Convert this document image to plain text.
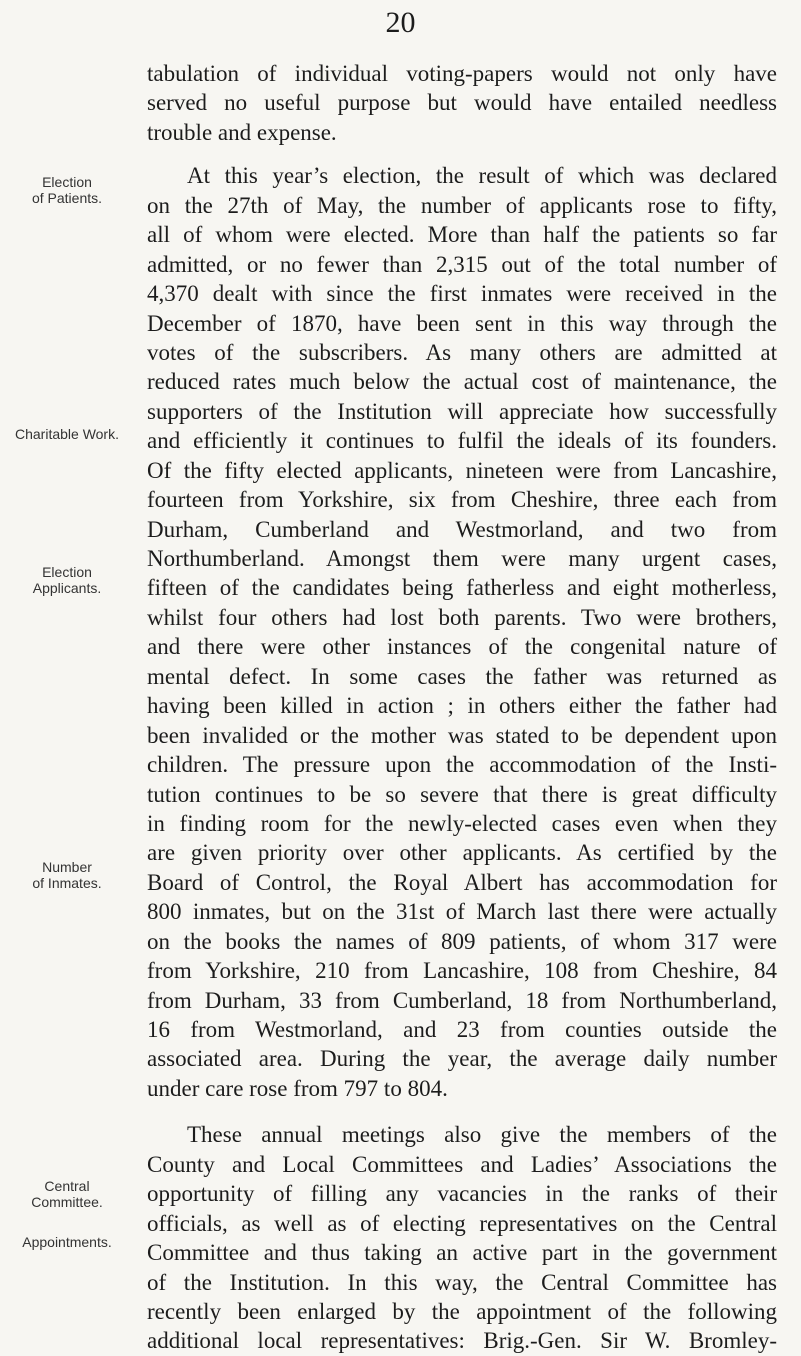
20
Election
of Patients.
Charitable Work.
Election
Applicants.
Number
of Inmates.
Central
Committee.
Appointments.

tabulation of individual voting-papers would not only have

served no useful purpose but would have entailed needless

trouble and expense.

At this year’s election, the result of which was declared

on the 27th of May, the number of applicants rose to fifty,

all of whom were elected. More than half the patients so far

admitted, or no fewer than 2,315 out of the total number of

4,370 dealt with since the first inmates were received in the

December of 1870, have been sent in this way through the

votes of the subscribers. As many others are admitted at

reduced rates much below the actual cost of maintenance, the

supporters of the Institution will appreciate how successfully

and efficiently it continues to fulfil the ideals of its founders.

Of the fifty elected applicants, nineteen were from Lancashire,

fourteen from Yorkshire, six from Cheshire, three each from

Durham, Cumberland and Westmorland, and two from

Northumberland. Amongst them were many urgent cases,

fifteen of the candidates being fatherless and eight motherless,

whilst four others had lost both parents. Two were brothers,

and there were other instances of the congenital nature of

mental defect. In some cases the father was returned as

having been killed in action ; in others either the father had

been invalided or the mother was stated to be dependent upon

children. The pressure upon the accommodation of the Insti-

tution continues to be so severe that there is great difficulty

in finding room for the newly-elected cases even when they

are given priority over other applicants. As certified by the

Board of Control, the Royal Albert has accommodation for

800 inmates, but on the 31st of March last there were actually

on the books the names of 809 patients, of whom 317 were

from Yorkshire, 210 from Lancashire, 108 from Cheshire, 84

from Durham, 33 from Cumberland, 18 from Northumberland,

16 from Westmorland, and 23 from counties outside the

associated area. During the year, the average daily number

under care rose from 797 to 804.

These annual meetings also give the members of the

County and Local Committees and Ladies’ Associations the

opportunity of filling any vacancies in the ranks of their

officials, as well as of electing representatives on the Central

Committee and thus taking an active part in the government

of the Institution. In this way, the Central Committee has

recently been enlarged by the appointment of the following

additional local representatives: Brig.-Gen. Sir W. Bromley-
